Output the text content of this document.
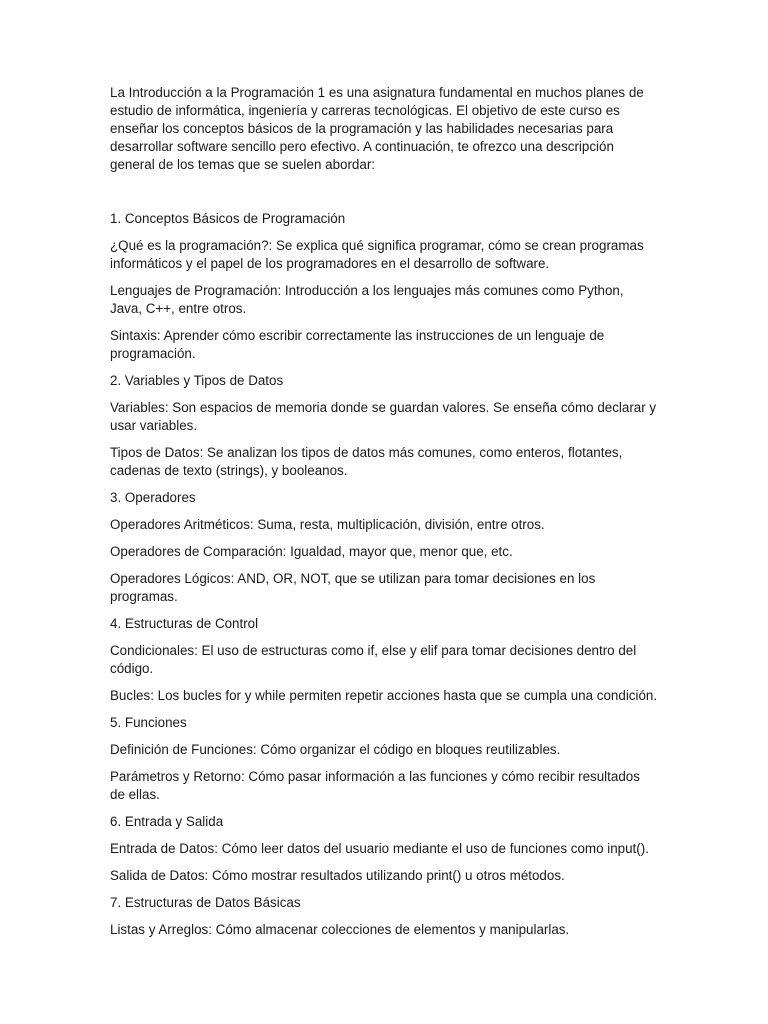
La Introducción a la Programación 1 es una asignatura fundamental en muchos planes de estudio de informática, ingeniería y carreras tecnológicas. El objetivo de este curso es enseñar los conceptos básicos de la programación y las habilidades necesarias para desarrollar software sencillo pero efectivo. A continuación, te ofrezco una descripción general de los temas que se suelen abordar:

1. Conceptos Básicos de Programación

¿Qué es la programación?: Se explica qué significa programar, cómo se crean programas informáticos y el papel de los programadores en el desarrollo de software.

Lenguajes de Programación: Introducción a los lenguajes más comunes como Python, Java, C++, entre otros.

Sintaxis: Aprender cómo escribir correctamente las instrucciones de un lenguaje de programación.

2. Variables y Tipos de Datos

Variables: Son espacios de memoria donde se guardan valores. Se enseña cómo declarar y usar variables.

Tipos de Datos: Se analizan los tipos de datos más comunes, como enteros, flotantes, cadenas de texto (strings), y booleanos.

3. Operadores

Operadores Aritméticos: Suma, resta, multiplicación, división, entre otros.

Operadores de Comparación: Igualdad, mayor que, menor que, etc.

Operadores Lógicos: AND, OR, NOT, que se utilizan para tomar decisiones en los programas.

4. Estructuras de Control

Condicionales: El uso de estructuras como if, else y elif para tomar decisiones dentro del código.

Bucles: Los bucles for y while permiten repetir acciones hasta que se cumpla una condición.

5. Funciones

Definición de Funciones: Cómo organizar el código en bloques reutilizables.

Parámetros y Retorno: Cómo pasar información a las funciones y cómo recibir resultados de ellas.

6. Entrada y Salida

Entrada de Datos: Cómo leer datos del usuario mediante el uso de funciones como input().

Salida de Datos: Cómo mostrar resultados utilizando print() u otros métodos.

7. Estructuras de Datos Básicas

Listas y Arreglos: Cómo almacenar colecciones de elementos y manipularlas.
